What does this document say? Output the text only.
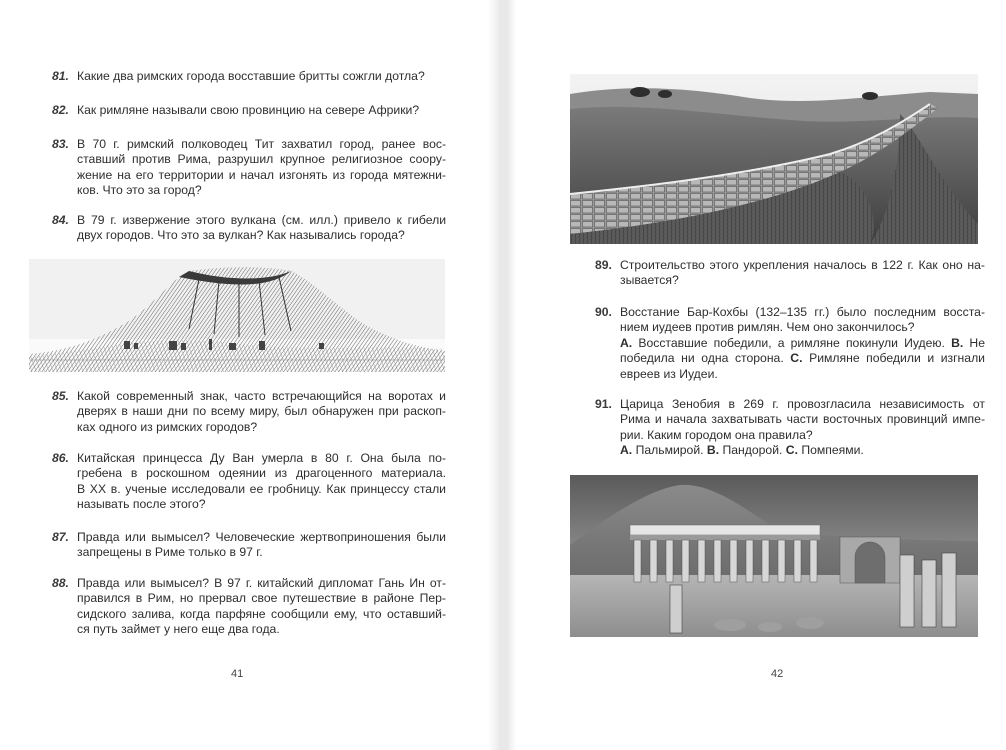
81. Какие два римских города восставшие бритты сожгли дотла?
82. Как римляне называли свою провинцию на севере Африки?
83. В 70 г. римский полководец Тит захватил город, ранее вос-
ставший против Рима, разрушил крупное религиозное соору-
жение на его территории и начал изгонять из города мятежни-
ков. Что это за город?
84. В 79 г. извержение этого вулкана (см. илл.) привело к гибели
двух городов. Что это за вулкан? Как назывались города?
85. Какой современный знак, часто встречающийся на воротах и
дверях в наши дни по всему миру, был обнаружен при раскоп-
ках одного из римских городов?
86. Китайская принцесса Ду Ван умерла в 80 г. Она была по-
гребена в роскошном одеянии из драгоценного материала.
В XX в. ученые исследовали ее гробницу. Как принцессу стали
называть после этого?
87. Правда или вымысел? Человеческие жертвоприношения были
запрещены в Риме только в 97 г.
88. Правда или вымысел? В 97 г. китайский дипломат Гань Ин от-
правился в Рим, но прервал свое путешествие в районе Пер-
сидского залива, когда парфяне сообщили ему, что оставший-
ся путь займет у него еще два года.
41
89. Строительство этого укрепления началось в 122 г. Как оно на-
зывается?
90. Восстание Бар-Кохбы (132–135 гг.) было последним восста-
нием иудеев против римлян. Чем оно закончилось?
А. Восставшие победили, а римляне покинули Иудею. В. Не
победила ни одна сторона. С. Римляне победили и изгнали
евреев из Иудеи.
91. Царица Зенобия в 269 г. провозгласила независимость от
Рима и начала захватывать части восточных провинций импе-
рии. Каким городом она правила?
А. Пальмирой. В. Пандорой. С. Помпеями.
42
